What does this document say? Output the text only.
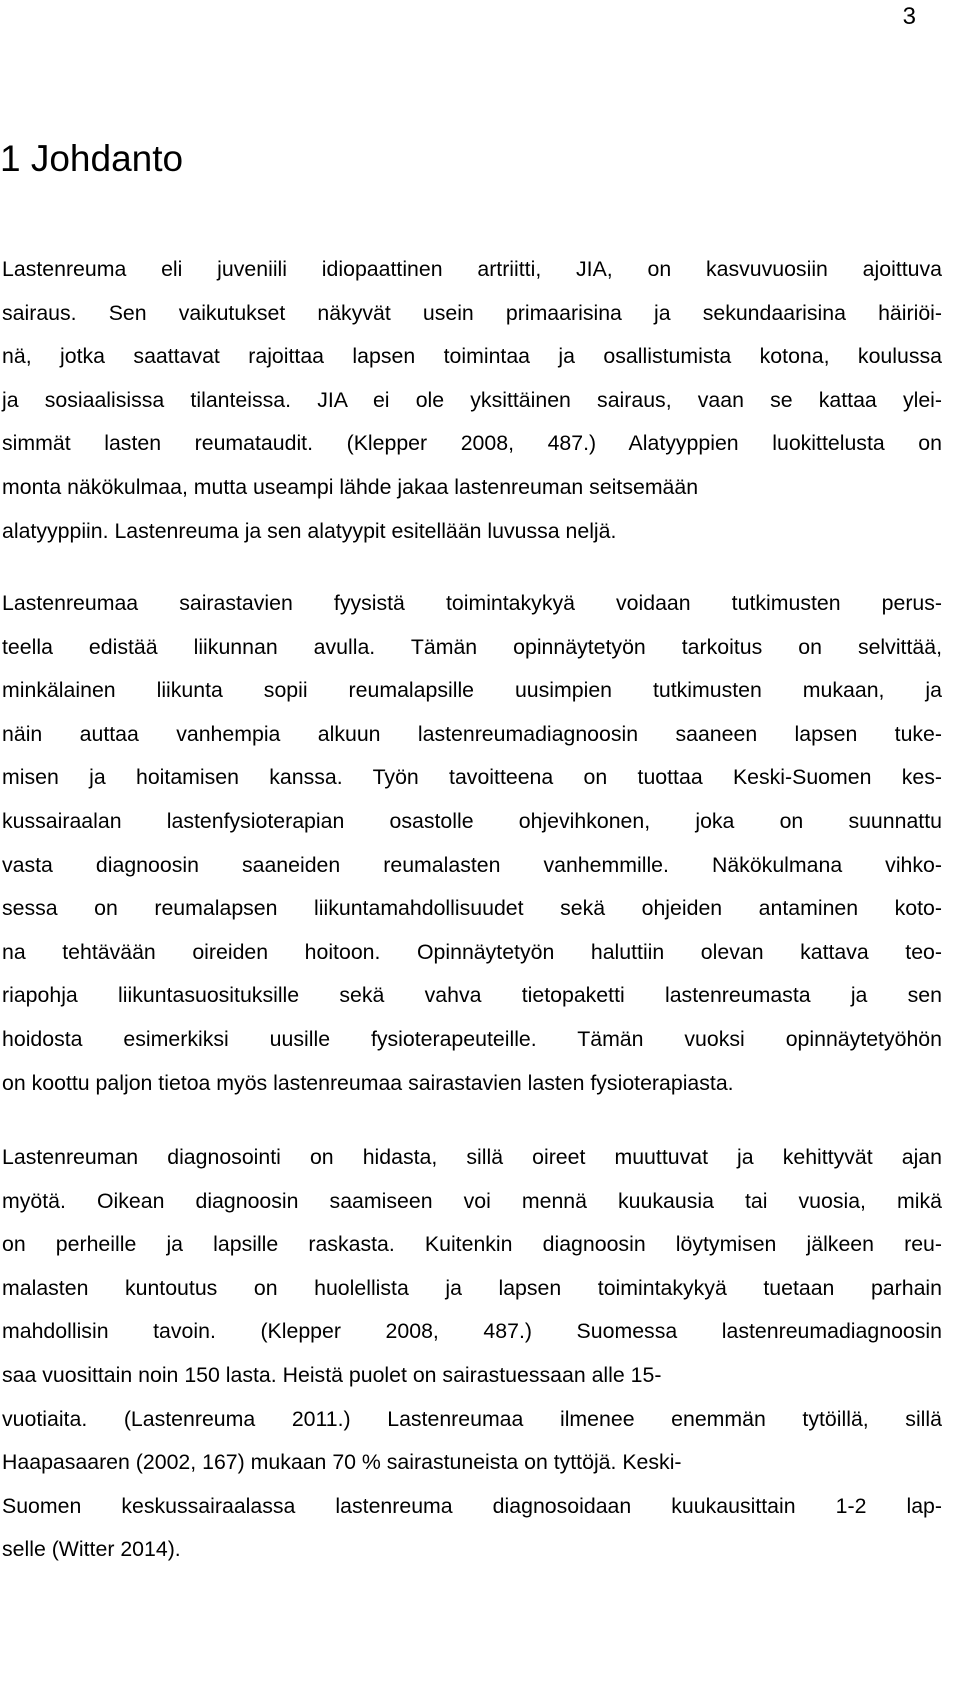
3
1 Johdanto

Lastenreuma eli juveniili idiopaattinen artriitti, JIA, on kasvuvuosiin ajoittuva
sairaus. Sen vaikutukset näkyvät usein primaarisina ja sekundaarisina häiriöi-
nä, jotka saattavat rajoittaa lapsen toimintaa ja osallistumista kotona, koulussa
ja sosiaalisissa tilanteissa. JIA ei ole yksittäinen sairaus, vaan se kattaa ylei-
simmät lasten reumataudit. (Klepper 2008, 487.) Alatyyppien luokittelusta on
monta näkökulmaa, mutta useampi lähde jakaa lastenreuman seitsemään
alatyyppiin. Lastenreuma ja sen alatyypit esitellään luvussa neljä.

Lastenreumaa sairastavien fyysistä toimintakykyä voidaan tutkimusten perus-
teella edistää liikunnan avulla. Tämän opinnäytetyön tarkoitus on selvittää,
minkälainen liikunta sopii reumalapsille uusimpien tutkimusten mukaan, ja
näin auttaa vanhempia alkuun lastenreumadiagnoosin saaneen lapsen tuke-
misen ja hoitamisen kanssa. Työn tavoitteena on tuottaa Keski-Suomen kes-
kussairaalan lastenfysioterapian osastolle ohjevihkonen, joka on suunnattu
vasta diagnoosin saaneiden reumalasten vanhemmille. Näkökulmana vihko-
sessa on reumalapsen liikuntamahdollisuudet sekä ohjeiden antaminen koto-
na tehtävään oireiden hoitoon. Opinnäytetyön haluttiin olevan kattava teo-
riapohja liikuntasuosituksille sekä vahva tietopaketti lastenreumasta ja sen
hoidosta esimerkiksi uusille fysioterapeuteille. Tämän vuoksi opinnäytetyöhön
on koottu paljon tietoa myös lastenreumaa sairastavien lasten fysioterapiasta.

Lastenreuman diagnosointi on hidasta, sillä oireet muuttuvat ja kehittyvät ajan
myötä. Oikean diagnoosin saamiseen voi mennä kuukausia tai vuosia, mikä
on perheille ja lapsille raskasta. Kuitenkin diagnoosin löytymisen jälkeen reu-
malasten kuntoutus on huolellista ja lapsen toimintakykyä tuetaan parhain
mahdollisin tavoin. (Klepper 2008, 487.) Suomessa lastenreumadiagnoosin
saa vuosittain noin 150 lasta. Heistä puolet on sairastuessaan alle 15-
vuotiaita. (Lastenreuma 2011.) Lastenreumaa ilmenee enemmän tytöillä, sillä
Haapasaaren (2002, 167) mukaan 70 % sairastuneista on tyttöjä. Keski-
Suomen keskussairaalassa lastenreuma diagnosoidaan kuukausittain 1-2 lap-
selle (Witter 2014).
